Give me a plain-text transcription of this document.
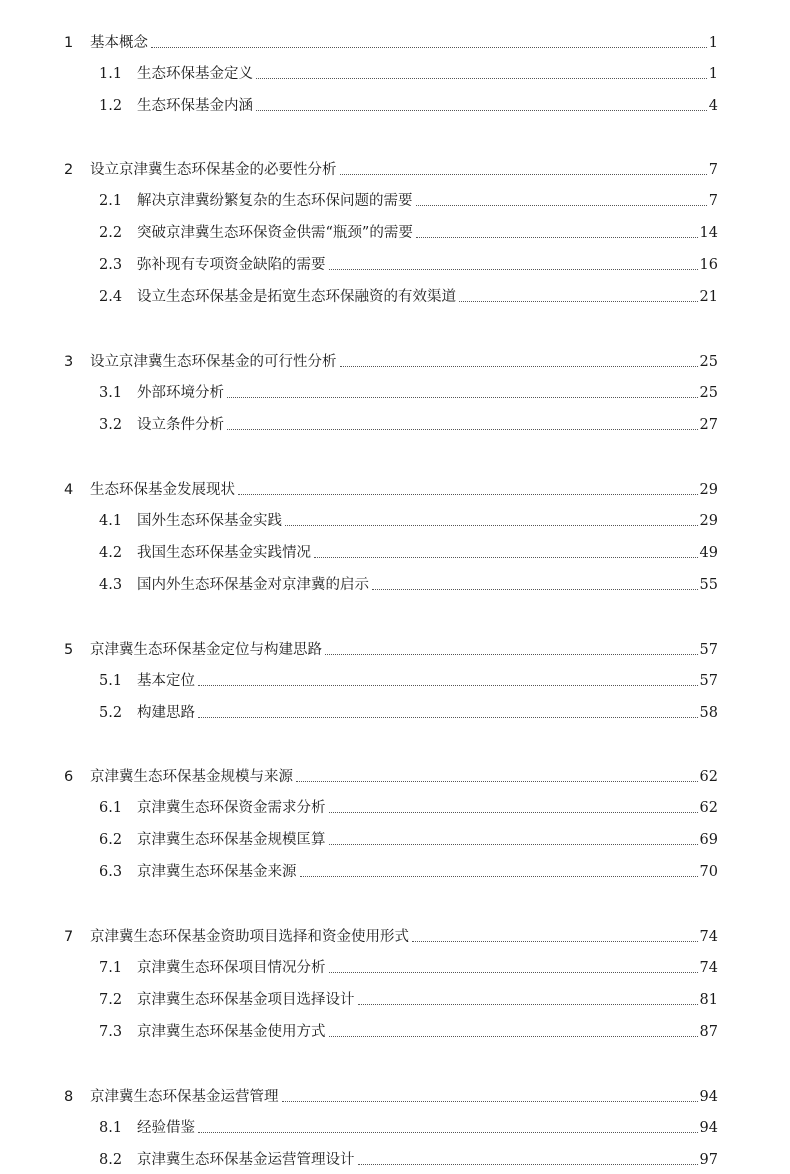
1	基本概念	1
1.1	生态环保基金定义	1
1.2	生态环保基金内涵	4
2	设立京津冀生态环保基金的必要性分析	7
2.1	解决京津冀纷繁复杂的生态环保问题的需要	7
2.2	突破京津冀生态环保资金供需“瓶颈”的需要	14
2.3	弥补现有专项资金缺陷的需要	16
2.4	设立生态环保基金是拓宽生态环保融资的有效渠道	21
3	设立京津冀生态环保基金的可行性分析	25
3.1	外部环境分析	25
3.2	设立条件分析	27
4	生态环保基金发展现状	29
4.1	国外生态环保基金实践	29
4.2	我国生态环保基金实践情况	49
4.3	国内外生态环保基金对京津冀的启示	55
5	京津冀生态环保基金定位与构建思路	57
5.1	基本定位	57
5.2	构建思路	58
6	京津冀生态环保基金规模与来源	62
6.1	京津冀生态环保资金需求分析	62
6.2	京津冀生态环保基金规模匡算	69
6.3	京津冀生态环保基金来源	70
7	京津冀生态环保基金资助项目选择和资金使用形式	74
7.1	京津冀生态环保项目情况分析	74
7.2	京津冀生态环保基金项目选择设计	81
7.3	京津冀生态环保基金使用方式	87
8	京津冀生态环保基金运营管理	94
8.1	经验借鉴	94
8.2	京津冀生态环保基金运营管理设计	97
